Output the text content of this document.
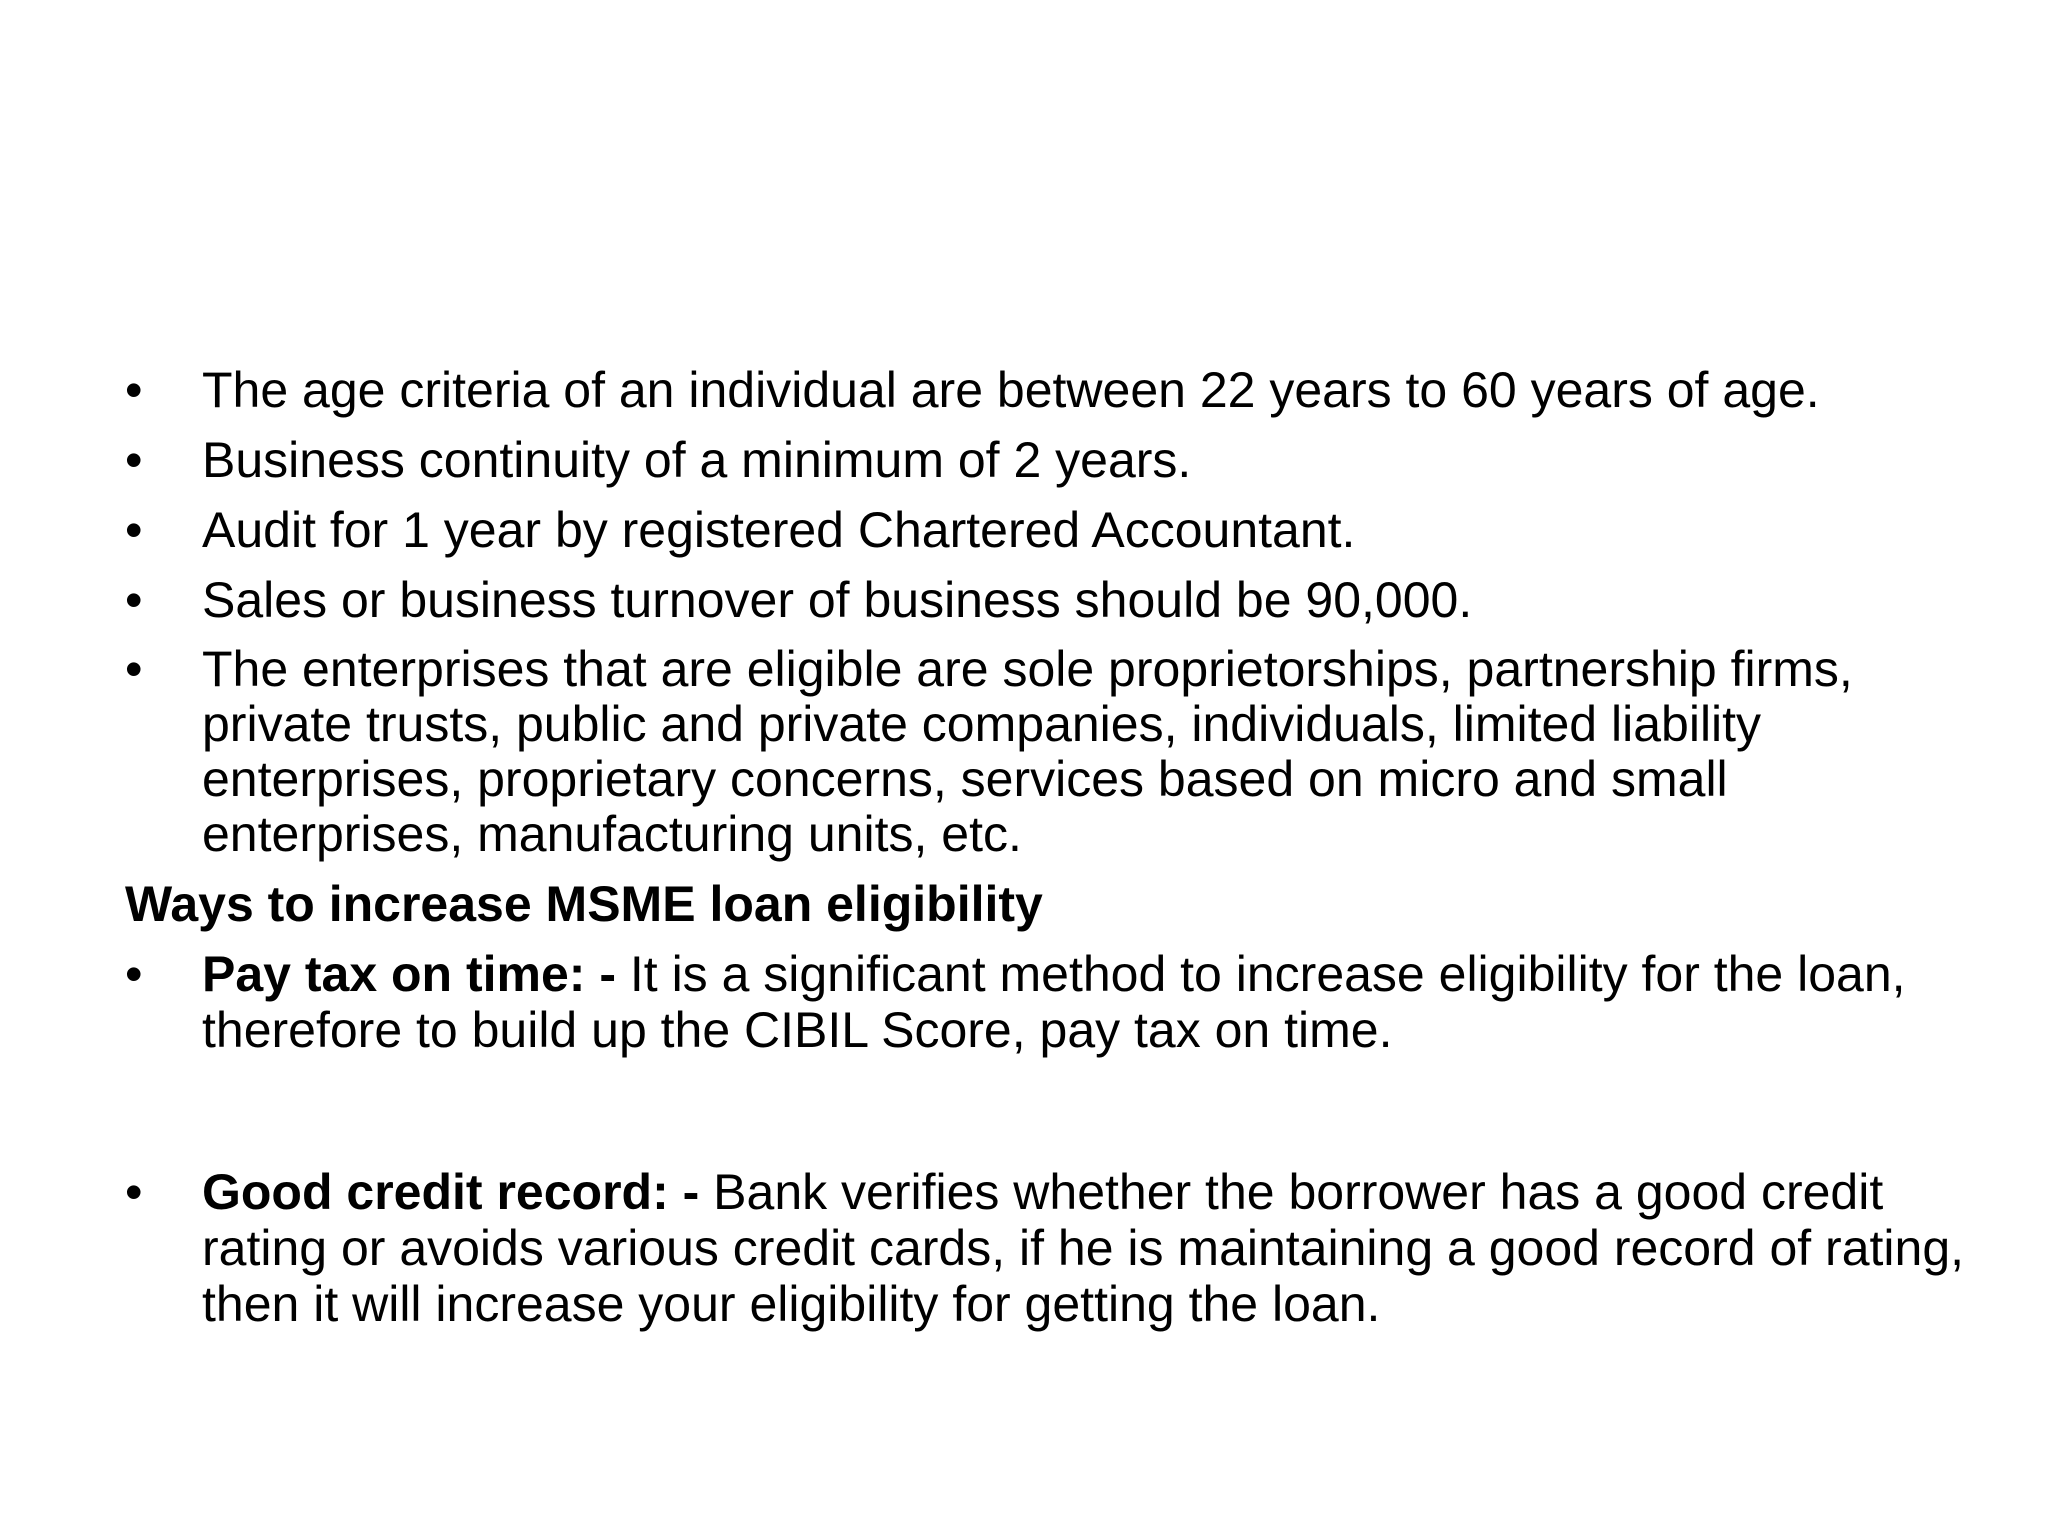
•	The age criteria of an individual are between 22 years to 60 years of age.
•	Business continuity of a minimum of 2 years.
•	Audit for 1 year by registered Chartered Accountant.
•	Sales or business turnover of business should be 90,000.
•	The enterprises that are eligible are sole proprietorships, partnership firms, private trusts, public and private companies, individuals, limited liability enterprises, proprietary concerns, services based on micro and small enterprises, manufacturing units, etc.
Ways to increase MSME loan eligibility
•	Pay tax on time: - It is a significant method to increase eligibility for the loan, therefore to build up the CIBIL Score, pay tax on time.
•	Good credit record: - Bank verifies whether the borrower has a good credit rating or avoids various credit cards, if he is maintaining a good record of rating, then it will increase your eligibility for getting the loan.
